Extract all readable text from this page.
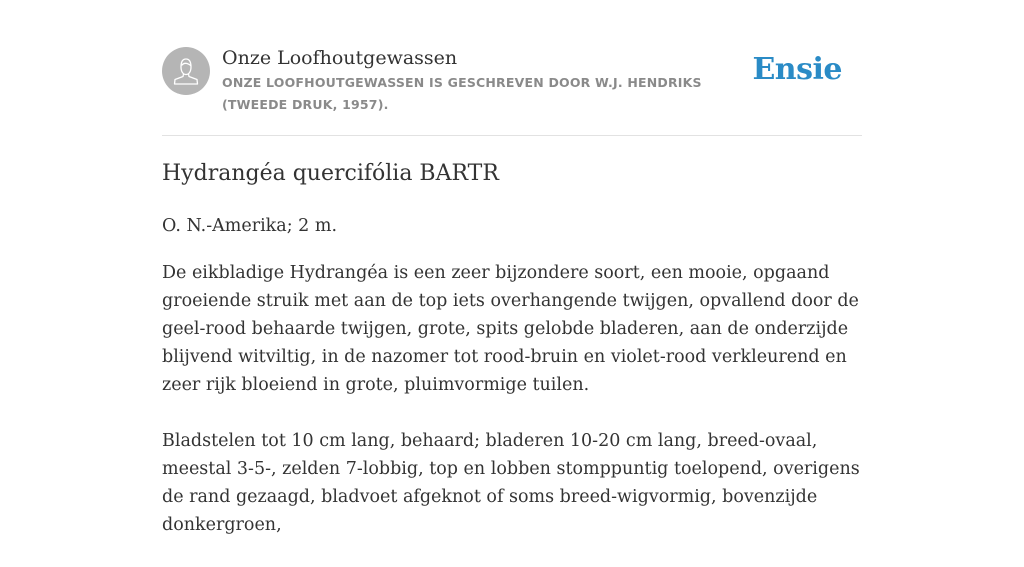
Onze Loofhoutgewassen
ONZE LOOFHOUTGEWASSEN IS GESCHREVEN DOOR W.J. HENDRIKS (TWEEDE DRUK, 1957).
Ensie
Hydrangéa quercifólia BARTR

O. N.-Amerika; 2 m.

De eikbladige Hydrangéa is een zeer bijzondere soort, een mooie, opgaand groeiende struik met aan de top iets overhangende twijgen, opvallend door de geel-rood behaarde twijgen, grote, spits gelobde bladeren, aan de onderzijde blijvend witviltig, in de nazomer tot rood-bruin en violet-rood verkleurend en zeer rijk bloeiend in grote, pluimvormige tuilen.

Bladstelen tot 10 cm lang, behaard; bladeren 10-20 cm lang, breed-ovaal, meestal 3-5-, zelden 7-lobbig, top en lobben stomppuntig toelopend, overigens de rand gezaagd, bladvoet afgeknot of soms breed-wigvormig, bovenzijde donkergroen,
